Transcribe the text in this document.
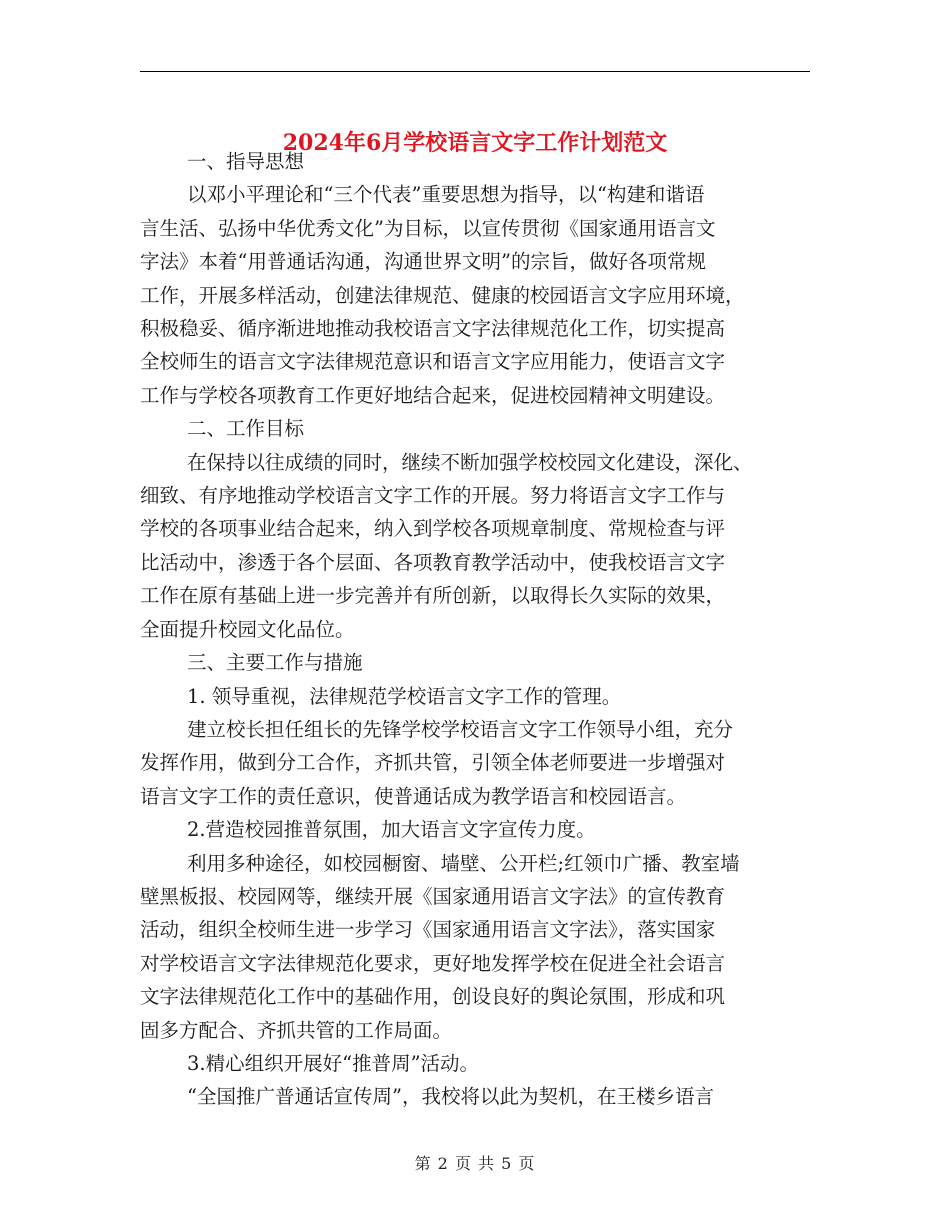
2024年6月学校语言文字工作计划范文

一、指导思想

以邓小平理论和“三个代表”重要思想为指导，以“构建和谐语

言生活、弘扬中华优秀文化”为目标，以宣传贯彻《国家通用语言文

字法》本着“用普通话沟通，沟通世界文明”的宗旨，做好各项常规

工作，开展多样活动，创建法律规范、健康的校园语言文字应用环境，

积极稳妥、循序渐进地推动我校语言文字法律规范化工作，切实提高

全校师生的语言文字法律规范意识和语言文字应用能力，使语言文字

工作与学校各项教育工作更好地结合起来，促进校园精神文明建设。

二、工作目标

在保持以往成绩的同时，继续不断加强学校校园文化建设，深化、

细致、有序地推动学校语言文字工作的开展。努力将语言文字工作与

学校的各项事业结合起来，纳入到学校各项规章制度、常规检查与评

比活动中，渗透于各个层面、各项教育教学活动中，使我校语言文字

工作在原有基础上进一步完善并有所创新，以取得长久实际的效果，

全面提升校园文化品位。

三、主要工作与措施

1. 领导重视，法律规范学校语言文字工作的管理。

建立校长担任组长的先锋学校学校语言文字工作领导小组，充分

发挥作用，做到分工合作，齐抓共管，引领全体老师要进一步增强对

语言文字工作的责任意识，使普通话成为教学语言和校园语言。

2.营造校园推普氛围，加大语言文字宣传力度。

利用多种途径，如校园橱窗、墙壁、公开栏;红领巾广播、教室墙

壁黑板报、校园网等，继续开展《国家通用语言文字法》的宣传教育

活动，组织全校师生进一步学习《国家通用语言文字法》，落实国家

对学校语言文字法律规范化要求，更好地发挥学校在促进全社会语言

文字法律规范化工作中的基础作用，创设良好的舆论氛围，形成和巩

固多方配合、齐抓共管的工作局面。

3.精心组织开展好“推普周”活动。

“全国推广普通话宣传周”，我校将以此为契机，在王楼乡语言

第 2 页 共 5 页
